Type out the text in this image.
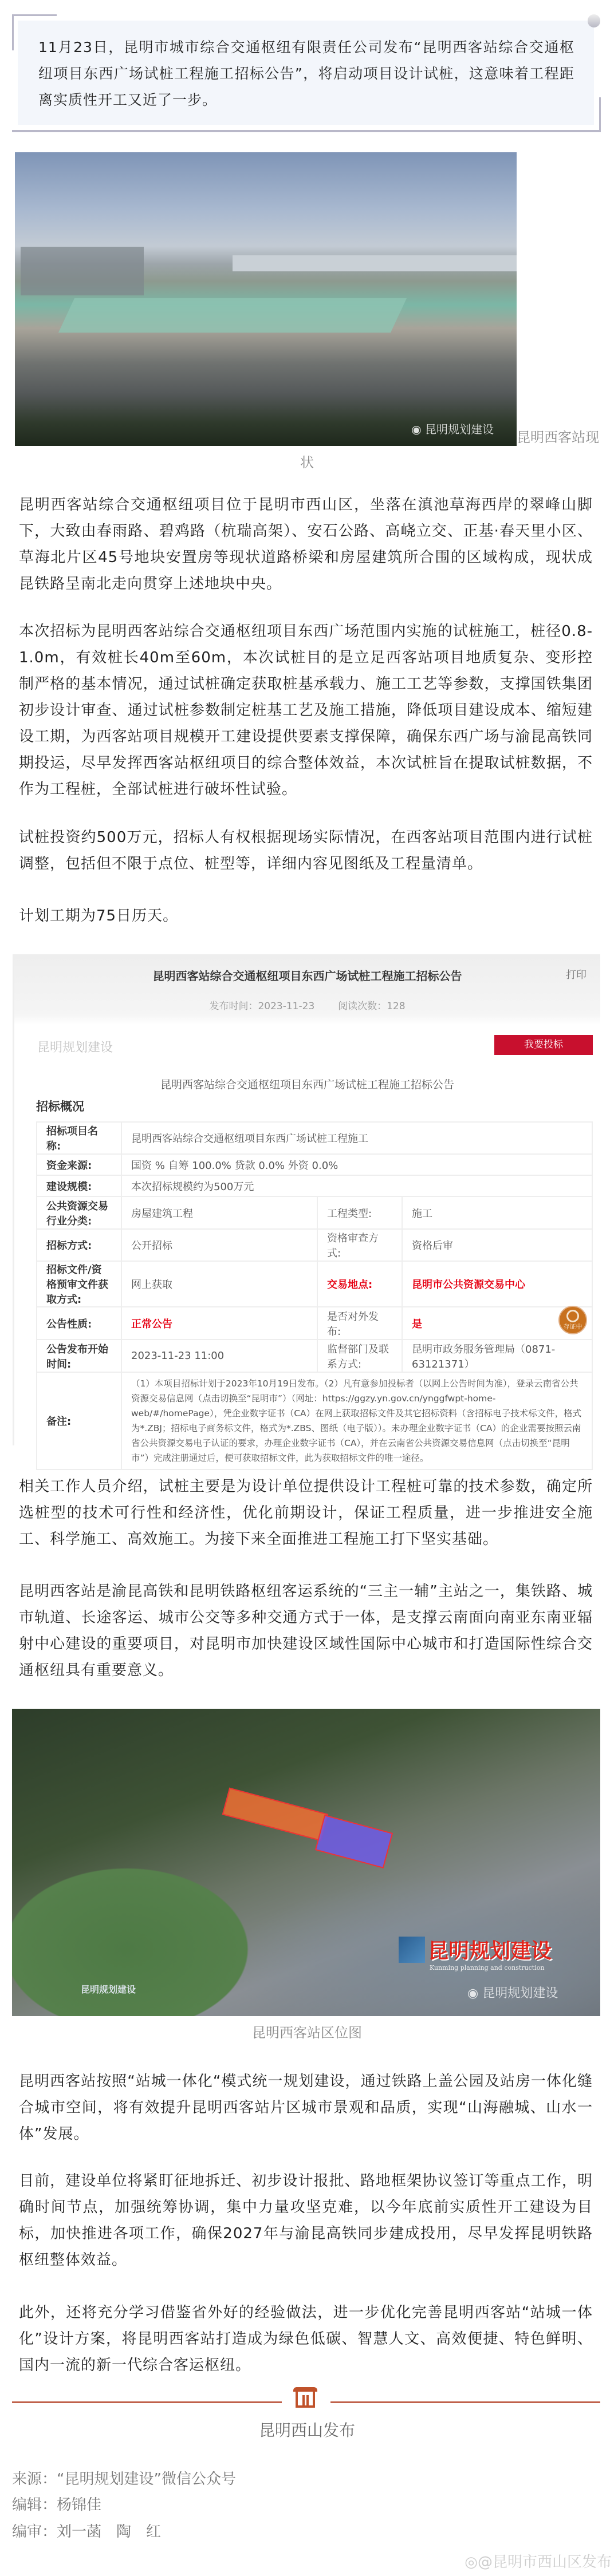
11月23日，昆明市城市综合交通枢纽有限责任公司发布“昆明西客站综合交通枢纽项目东西广场试桩工程施工招标公告”，将启动项目设计试桩，这意味着工程距离实质性开工又近了一步。

◉ 昆明规划建设 昆明西客站现
状

昆明西客站综合交通枢纽项目位于昆明市西山区，坐落在滇池草海西岸的翠峰山脚下，大致由春雨路、碧鸡路（杭瑞高架）、安石公路、高峣立交、正基·春天里小区、草海北片区45号地块安置房等现状道路桥梁和房屋建筑所合围的区域构成，现状成昆铁路呈南北走向贯穿上述地块中央。

本次招标为昆明西客站综合交通枢纽项目东西广场范围内实施的试桩施工，桩径0.8-1.0m，有效桩长40m至60m，本次试桩目的是立足西客站项目地质复杂、变形控制严格的基本情况，通过试桩确定获取桩基承载力、施工工艺等参数，支撑国铁集团初步设计审查、通过试桩参数制定桩基工艺及施工措施，降低项目建设成本、缩短建设工期，为西客站项目规模开工建设提供要素支撑保障，确保东西广场与渝昆高铁同期投运，尽早发挥西客站枢纽项目的综合整体效益，本次试桩旨在提取试桩数据，不作为工程桩，全部试桩进行破坏性试验。

试桩投资约500万元，招标人有权根据现场实际情况，在西客站项目范围内进行试桩调整，包括但不限于点位、桩型等，详细内容见图纸及工程量清单。

计划工期为75日历天。

昆明西客站综合交通枢纽项目东西广场试桩工程施工招标公告	打印
发布时间：2023-11-23 阅读次数：128
昆明规划建设	我要投标
昆明西客站综合交通枢纽项目东西广场试桩工程施工招标公告
招标概况
招标项目名称:	昆明西客站综合交通枢纽项目东西广场试桩工程施工		
资金来源:	国资 % 自筹 100.0% 贷款 0.0% 外资 0.0%		
建设规模:	本次招标规模约为500万元		
公共资源交易行业分类:	房屋建筑工程	工程类型:	施工
招标方式:	公开招标	资格审查方式:	资格后审
招标文件/资格预审文件获取方式:	网上获取	交易地点:	昆明市公共资源交易中心
公告性质:	正常公告	是否对外发布:	是
公告发布开始时间:	2023-11-23 11:00	监督部门及联系方式:	昆明市政务服务管理局（0871-63121371）
备注:	（1）本项目招标计划于2023年10月19日发布。（2）凡有意参加投标者（以网上公告时间为准），登录云南省公共资源交易信息网（点击切换至“昆明市”）（网址：https://ggzy.yn.gov.cn/ynggfwpt-home-web/#/homePage），凭企业数字证书（CA）在网上获取招标文件及其它招标资料（含招标电子技术标文件，格式为*.ZBJ；招标电子商务标文件，格式为*.ZBS、图纸（电子版））。未办理企业数字证书（CA）的企业需要按照云南省公共资源交易电子认证的要求，办理企业数字证书（CA），并在云南省公共资源交易信息网（点击切换至“昆明市”）完成注册通过后，便可获取招标文件，此为获取招标文件的唯一途径。		
存证中

相关工作人员介绍，试桩主要是为设计单位提供设计工程桩可靠的技术参数，确定所选桩型的技术可行性和经济性，优化前期设计，保证工程质量，进一步推进安全施工、科学施工、高效施工。为接下来全面推进工程施工打下坚实基础。

昆明西客站是渝昆高铁和昆明铁路枢纽客运系统的“三主一辅”主站之一，集铁路、城市轨道、长途客运、城市公交等多种交通方式于一体，是支撑云南面向南亚东南亚辐射中心建设的重要项目，对昆明市加快建设区域性国际中心城市和打造国际性综合交通枢纽具有重要意义。

昆明规划建设
Kunming planning and construction
昆明规划建设	◉ 昆明规划建设
昆明西客站区位图

昆明西客站按照“站城一体化“模式统一规划建设，通过铁路上盖公园及站房一体化缝合城市空间，将有效提升昆明西客站片区城市景观和品质，实现“山海融城、山水一体”发展。

目前，建设单位将紧盯征地拆迁、初步设计报批、路地框架协议签订等重点工作，明确时间节点，加强统筹协调，集中力量攻坚克难，以今年底前实质性开工建设为目标，加快推进各项工作，确保2027年与渝昆高铁同步建成投用，尽早发挥昆明铁路枢纽整体效益。

此外，还将充分学习借鉴省外好的经验做法，进一步优化完善昆明西客站“站城一体化”设计方案，将昆明西客站打造成为绿色低碳、智慧人文、高效便捷、特色鲜明、国内一流的新一代综合客运枢纽。

昆明西山发布
来源：“昆明规划建设”微信公众号
编辑：杨锦佳
编审：刘一菡　陶　红
◎@昆明市西山区发布
